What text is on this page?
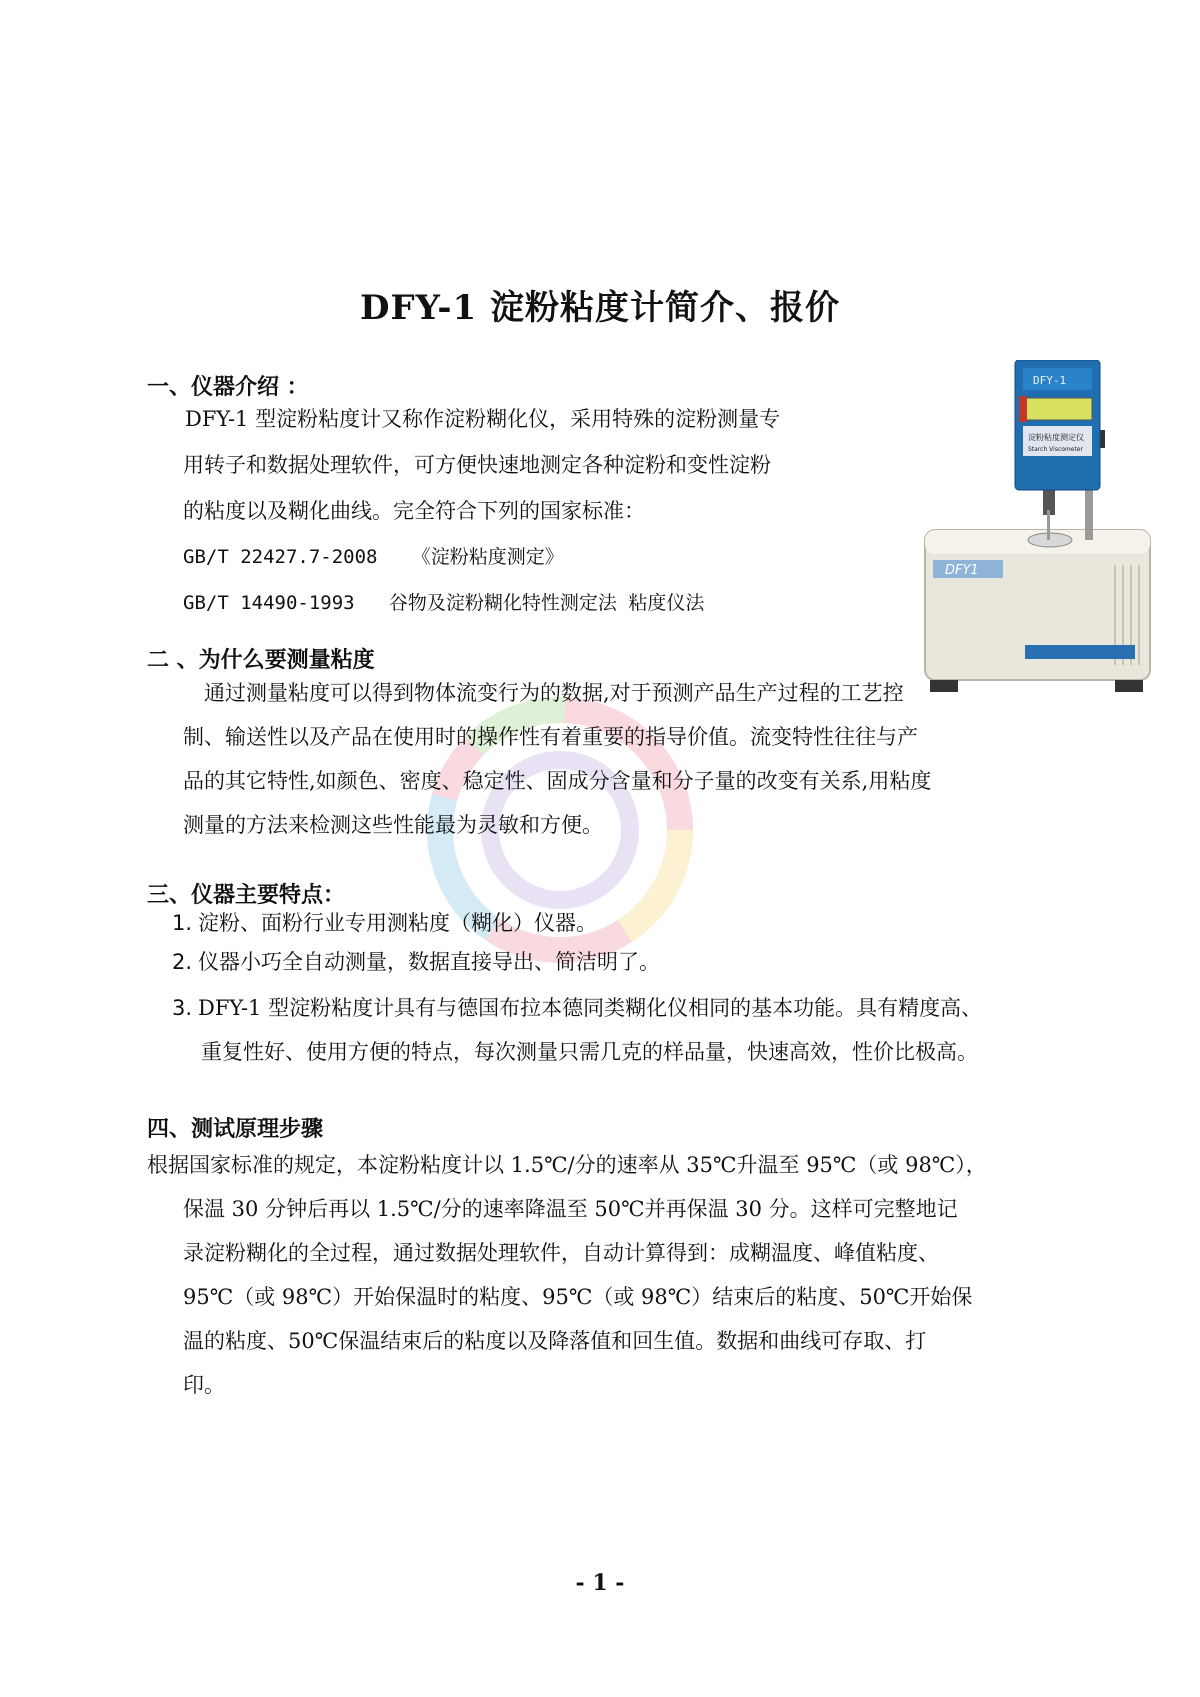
DFY-1 淀粉粘度计简介、报价
一、仪器介绍 ：
DFY-1 型淀粉粘度计又称作淀粉糊化仪，采用特殊的淀粉测量专
用转子和数据处理软件，可方便快速地测定各种淀粉和变性淀粉
的粘度以及糊化曲线。完全符合下列的国家标准：
GB/T 22427.7-2008   《淀粉粘度测定》
GB/T 14490-1993   谷物及淀粉糊化特性测定法 粘度仪法
DFY1
DFY-1
淀粉粘度测定仪
Starch Viscometer
二 、为什么要测量粘度
通过测量粘度可以得到物体流变行为的数据,对于预测产品生产过程的工艺控
制、输送性以及产品在使用时的操作性有着重要的指导价值。流变特性往往与产
品的其它特性,如颜色、密度、稳定性、固成分含量和分子量的改变有关系,用粘度
测量的方法来检测这些性能最为灵敏和方便。
三、仪器主要特点：
1. 淀粉、面粉行业专用测粘度（糊化）仪器。
2. 仪器小巧全自动测量，数据直接导出、简洁明了。
3. DFY-1 型淀粉粘度计具有与德国布拉本德同类糊化仪相同的基本功能。具有精度高、
重复性好、使用方便的特点，每次测量只需几克的样品量，快速高效，性价比极高。
四、测试原理步骤
根据国家标准的规定，本淀粉粘度计以 1.5℃/分的速率从 35℃升温至 95℃（或 98℃），
保温 30 分钟后再以 1.5℃/分的速率降温至 50℃并再保温 30 分。这样可完整地记
录淀粉糊化的全过程，通过数据处理软件，自动计算得到：成糊温度、峰值粘度、
95℃（或 98℃）开始保温时的粘度、95℃（或 98℃）结束后的粘度、50℃开始保
温的粘度、50℃保温结束后的粘度以及降落值和回生值。数据和曲线可存取、打
印。
- 1 -
